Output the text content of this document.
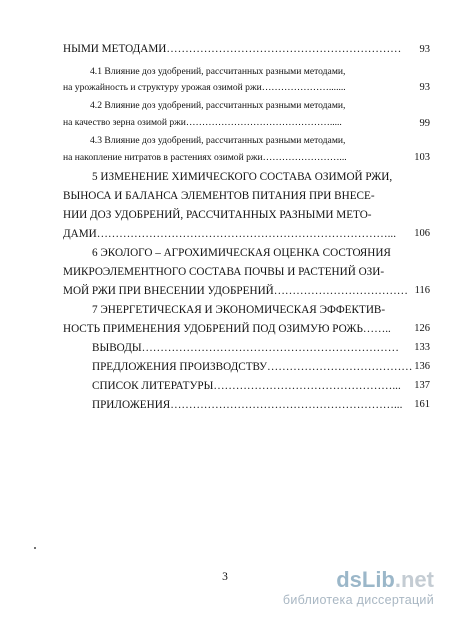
НЫМИ МЕТОДАМИ……………………………………………………… 93
4.1 Влияние доз удобрений, рассчитанных разными методами,
на урожайность и структуру урожая озимой ржи………………….......	93
4.2 Влияние доз удобрений, рассчитанных разными методами,
на качество зерна озимой ржи……………………………………….....	99
4.3 Влияние доз удобрений, рассчитанных разными методами,
на накопление нитратов в растениях озимой ржи……………………...	103
5 ИЗМЕНЕНИЕ ХИМИЧЕСКОГО СОСТАВА ОЗИМОЙ РЖИ,
ВЫНОСА И БАЛАНСА ЭЛЕМЕНТОВ ПИТАНИЯ ПРИ ВНЕСЕ-
НИИ ДОЗ УДОБРЕНИЙ, РАССЧИТАННЫХ РАЗНЫМИ МЕТО-
ДАМИ……………………………………………………………………... 106
6 ЭКОЛОГО – АГРОХИМИЧЕСКАЯ ОЦЕНКА СОСТОЯНИЯ
МИКРОЭЛЕМЕНТНОГО СОСТАВА ПОЧВЫ И РАСТЕНИЙ ОЗИ-
МОЙ РЖИ ПРИ ВНЕСЕНИИ УДОБРЕНИЙ……………………………… 116
7 ЭНЕРГЕТИЧЕСКАЯ И ЭКОНОМИЧЕСКАЯ ЭФФЕКТИВ-
НОСТЬ ПРИМЕНЕНИЯ УДОБРЕНИЙ ПОД ОЗИМУЮ РОЖЬ…….. 126
ВЫВОДЫ…………………………………………………………… 133
ПРЕДЛОЖЕНИЯ ПРОИЗВОДСТВУ………………………………… 136
СПИСОК ЛИТЕРАТУРЫ…………………………………………... 137
ПРИЛОЖЕНИЯ……………………………………………………... 161
3	dsLib.net
библиотека диссертаций
